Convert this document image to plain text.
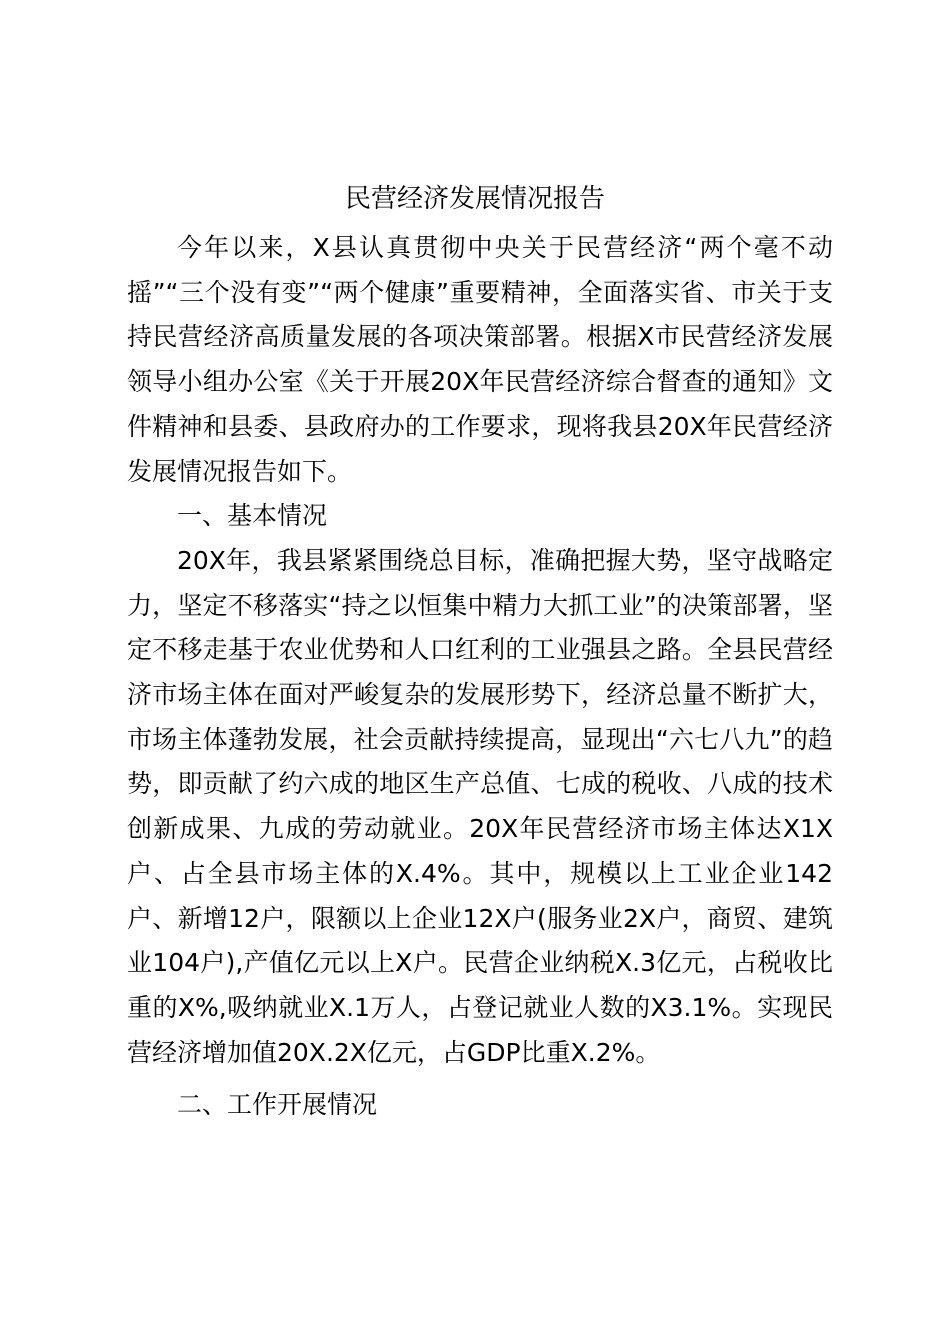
民营经济发展情况报告

今年以来，X县认真贯彻中央关于民营经济“两个毫不动摇”“三个没有变”“两个健康”重要精神，全面落实省、市关于支持民营经济高质量发展的各项决策部署。根据X市民营经济发展领导小组办公室《关于开展20X年民营经济综合督查的通知》文件精神和县委、县政府办的工作要求，现将我县20X年民营经济发展情况报告如下。

一、基本情况

20X年，我县紧紧围绕总目标，准确把握大势，坚守战略定力，坚定不移落实“持之以恒集中精力大抓工业”的决策部署，坚定不移走基于农业优势和人口红利的工业强县之路。全县民营经济市场主体在面对严峻复杂的发展形势下，经济总量不断扩大，市场主体蓬勃发展，社会贡献持续提高，显现出“六七八九”的趋势，即贡献了约六成的地区生产总值、七成的税收、八成的技术创新成果、九成的劳动就业。20X年民营经济市场主体达X1X户、占全县市场主体的X.4%。其中，规模以上工业企业142户、新增12户，限额以上企业12X户(服务业2X户，商贸、建筑业104户),产值亿元以上X户。民营企业纳税X.3亿元，占税收比重的X%,吸纳就业X.1万人，占登记就业人数的X3.1%。实现民营经济增加值20X.2X亿元，占GDP比重X.2%。

二、工作开展情况
